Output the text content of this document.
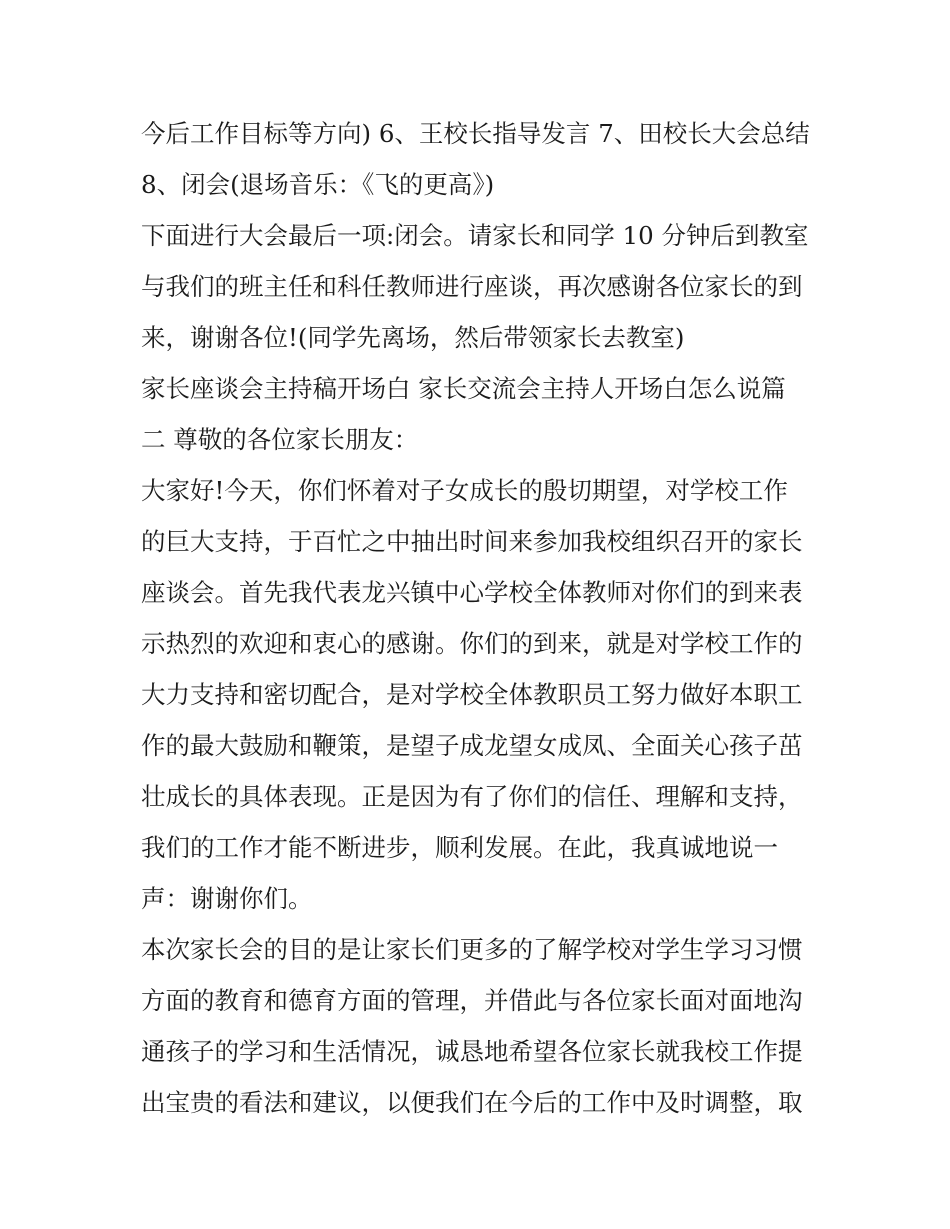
今后工作目标等方向) 6、王校长指导发言 7、田校长大会总结
8、闭会(退场音乐：《飞的更高》)
下面进行大会最后一项:闭会。请家长和同学 10 分钟后到教室
与我们的班主任和科任教师进行座谈，再次感谢各位家长的到
来，谢谢各位!(同学先离场，然后带领家长去教室)
家长座谈会主持稿开场白 家长交流会主持人开场白怎么说篇
二 尊敬的各位家长朋友：
大家好!今天，你们怀着对子女成长的殷切期望，对学校工作
的巨大支持，于百忙之中抽出时间来参加我校组织召开的家长
座谈会。首先我代表龙兴镇中心学校全体教师对你们的到来表
示热烈的欢迎和衷心的感谢。你们的到来，就是对学校工作的
大力支持和密切配合，是对学校全体教职员工努力做好本职工
作的最大鼓励和鞭策，是望子成龙望女成凤、全面关心孩子茁
壮成长的具体表现。正是因为有了你们的信任、理解和支持，
我们的工作才能不断进步，顺利发展。在此，我真诚地说一
声：谢谢你们。
本次家长会的目的是让家长们更多的了解学校对学生学习习惯
方面的教育和德育方面的管理，并借此与各位家长面对面地沟
通孩子的学习和生活情况，诚恳地希望各位家长就我校工作提
出宝贵的看法和建议，以便我们在今后的工作中及时调整，取
